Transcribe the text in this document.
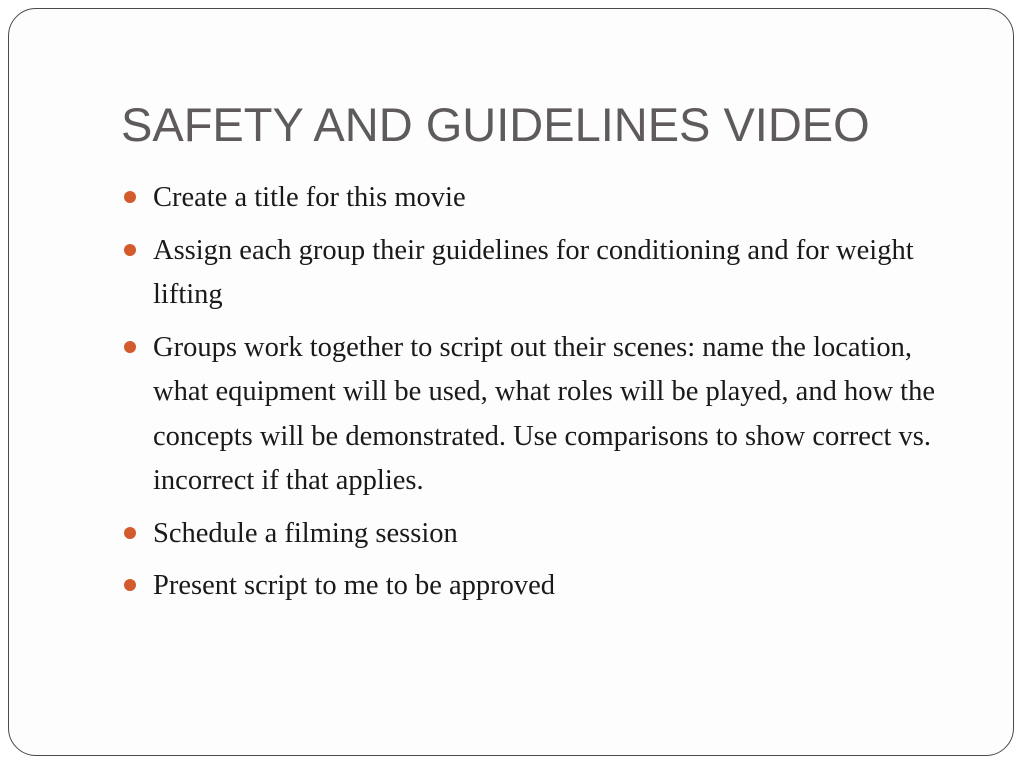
SAFETY AND GUIDELINES VIDEO
Create a title for this movie
Assign each group their guidelines for conditioning and for weight lifting
Groups work together to script out their scenes: name the location, what equipment will be used, what roles will be played, and how the concepts will be demonstrated. Use comparisons to show correct vs. incorrect if that applies.
Schedule a filming session
Present script to me to be approved
